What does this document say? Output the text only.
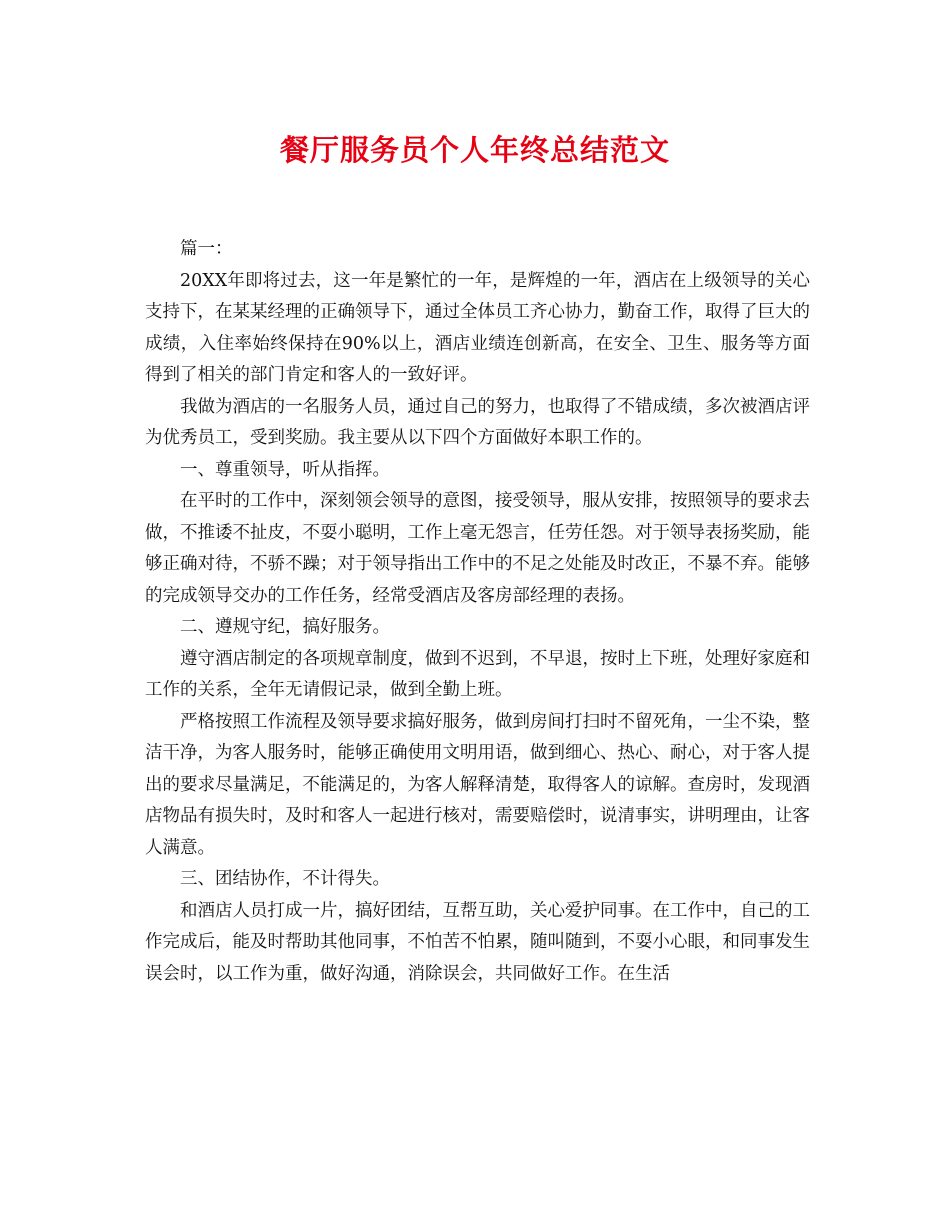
餐厅服务员个人年终总结范文

篇一：

20XX年即将过去，这一年是繁忙的一年，是辉煌的一年，酒店在上级领导的关心支持下，在某某经理的正确领导下，通过全体员工齐心协力，勤奋工作，取得了巨大的成绩，入住率始终保持在90%以上，酒店业绩连创新高，在安全、卫生、服务等方面得到了相关的部门肯定和客人的一致好评。

我做为酒店的一名服务人员，通过自己的努力，也取得了不错成绩，多次被酒店评为优秀员工，受到奖励。我主要从以下四个方面做好本职工作的。

一、尊重领导，听从指挥。

在平时的工作中，深刻领会领导的意图，接受领导，服从安排，按照领导的要求去做，不推诿不扯皮，不耍小聪明，工作上毫无怨言，任劳任怨。对于领导表扬奖励，能够正确对待，不骄不躁；对于领导指出工作中的不足之处能及时改正，不暴不弃。能够的完成领导交办的工作任务，经常受酒店及客房部经理的表扬。

二、遵规守纪，搞好服务。

遵守酒店制定的各项规章制度，做到不迟到，不早退，按时上下班，处理好家庭和工作的关系，全年无请假记录，做到全勤上班。

严格按照工作流程及领导要求搞好服务，做到房间打扫时不留死角，一尘不染，整洁干净，为客人服务时，能够正确使用文明用语，做到细心、热心、耐心，对于客人提出的要求尽量满足，不能满足的，为客人解释清楚，取得客人的谅解。查房时，发现酒店物品有损失时，及时和客人一起进行核对，需要赔偿时，说清事实，讲明理由，让客人满意。

三、团结协作，不计得失。

和酒店人员打成一片，搞好团结，互帮互助，关心爱护同事。在工作中，自己的工作完成后，能及时帮助其他同事，不怕苦不怕累，随叫随到，不耍小心眼，和同事发生误会时，以工作为重，做好沟通，消除误会，共同做好工作。在生活
